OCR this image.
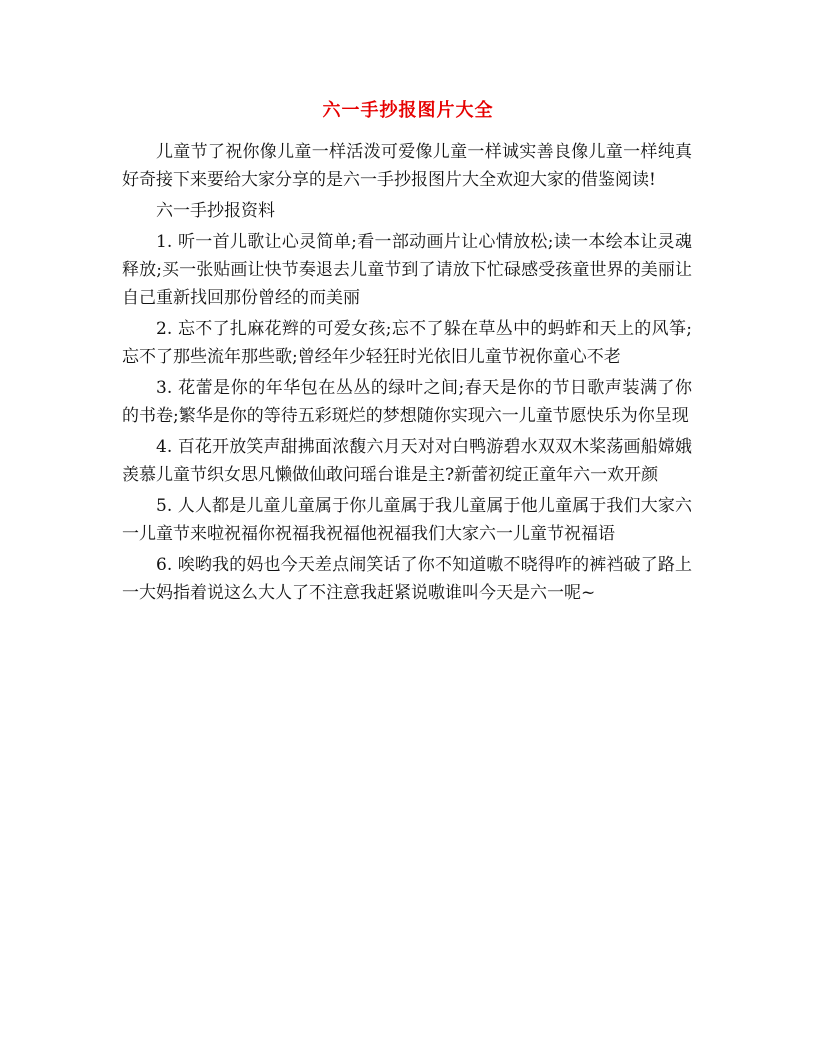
六一手抄报图片大全

儿童节了祝你像儿童一样活泼可爱像儿童一样诚实善良像儿童一样纯真好奇接下来要给大家分享的是六一手抄报图片大全欢迎大家的借鉴阅读!

六一手抄报资料

1. 听一首儿歌让心灵简单;看一部动画片让心情放松;读一本绘本让灵魂释放;买一张贴画让快节奏退去儿童节到了请放下忙碌感受孩童世界的美丽让自己重新找回那份曾经的而美丽

2. 忘不了扎麻花辫的可爱女孩;忘不了躲在草丛中的蚂蚱和天上的风筝;忘不了那些流年那些歌;曾经年少轻狂时光依旧儿童节祝你童心不老

3. 花蕾是你的年华包在丛丛的绿叶之间;春天是你的节日歌声装满了你的书卷;繁华是你的等待五彩斑烂的梦想随你实现六一儿童节愿快乐为你呈现

4. 百花开放笑声甜拂面浓馥六月天对对白鸭游碧水双双木桨荡画船嫦娥羡慕儿童节织女思凡懒做仙敢问瑶台谁是主?新蕾初绽正童年六一欢开颜

5. 人人都是儿童儿童属于你儿童属于我儿童属于他儿童属于我们大家六一儿童节来啦祝福你祝福我祝福他祝福我们大家六一儿童节祝福语

6. 唉哟我的妈也今天差点闹笑话了你不知道嗷不晓得咋的裤裆破了路上一大妈指着说这么大人了不注意我赶紧说嗷谁叫今天是六一呢~
